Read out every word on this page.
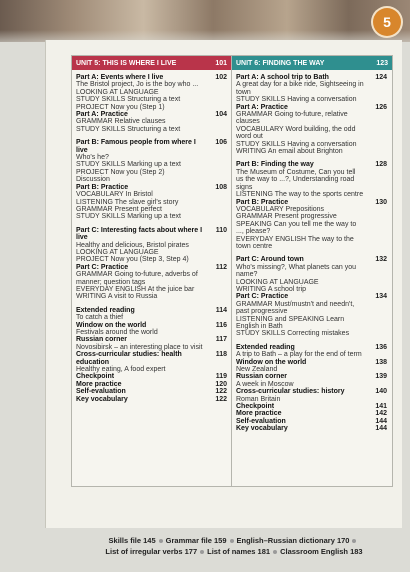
5
UNIT 5: THIS IS WHERE I LIVE	101
Part A: Events where I live	102
The Bristol project, Jo is the boy who ...
LOOKING AT LANGUAGE
STUDY SKILLS Structuring a text
PROJECT Now you (Step 1)
Part A: Practice	104
GRAMMAR Relative clauses
STUDY SKILLS Structuring a text
Part B: Famous people from where I live
106
Who's he?
STUDY SKILLS Marking up a text
PROJECT Now you (Step 2)
Discussion
Part B: Practice	108
VOCABULARY In Bristol
LISTENING The slave girl's story
GRAMMAR Present perfect
STUDY SKILLS Marking up a text
Part C: Interesting facts about where I live
110
Healthy and delicious, Bristol pirates
LOOKING AT LANGUAGE
PROJECT Now you (Step 3, Step 4)
Part C: Practice	112
GRAMMAR Going to-future, adverbs of manner; question tags
EVERYDAY ENGLISH At the juice bar
WRITING A visit to Russia
Extended reading	114
To catch a thief
Window on the world	116
Festivals around the world
Russian corner	117
Novosibirsk – an interesting place to visit
Cross-curricular studies: health education
118
Healthy eating, A food expert
Checkpoint	119
More practice	120
Self-evaluation	122
Key vocabulary	122
UNIT 6: FINDING THE WAY	123
Part A: A school trip to Bath	124
A great day for a bike ride, Sightseeing in town
STUDY SKILLS Having a conversation
Part A: Practice	126
GRAMMAR Going to-future, relative clauses
VOCABULARY Word building, the odd word out
STUDY SKILLS Having a conversation
WRITING An email about Brighton
Part B: Finding the way	128
The Museum of Costume, Can you tell us the way to ...?, Understanding road signs
LISTENING The way to the sports centre
Part B: Practice	130
VOCABULARY Prepositions
GRAMMAR Present progressive
SPEAKING Can you tell me the way to ..., please?
EVERYDAY ENGLISH The way to the town centre
Part C: Around town	132
Who's missing?, What planets can you name?
LOOKING AT LANGUAGE
WRITING A school trip
Part C: Practice	134
GRAMMAR Must/mustn't and needn't, past progressive
LISTENING and SPEAKING Learn English in Bath
STUDY SKILLS Correcting mistakes
Extended reading	136
A trip to Bath – a play for the end of term
Window on the world	138
New Zealand
Russian corner	139
A week in Moscow
Cross-curricular studies: history	140
Roman Britain
Checkpoint	141
More practice	142
Self-evaluation	144
Key vocabulary	144
Skills file 145 Grammar file 159 English–Russian dictionary 170
List of irregular verbs 177 List of names 181 Classroom English 183
